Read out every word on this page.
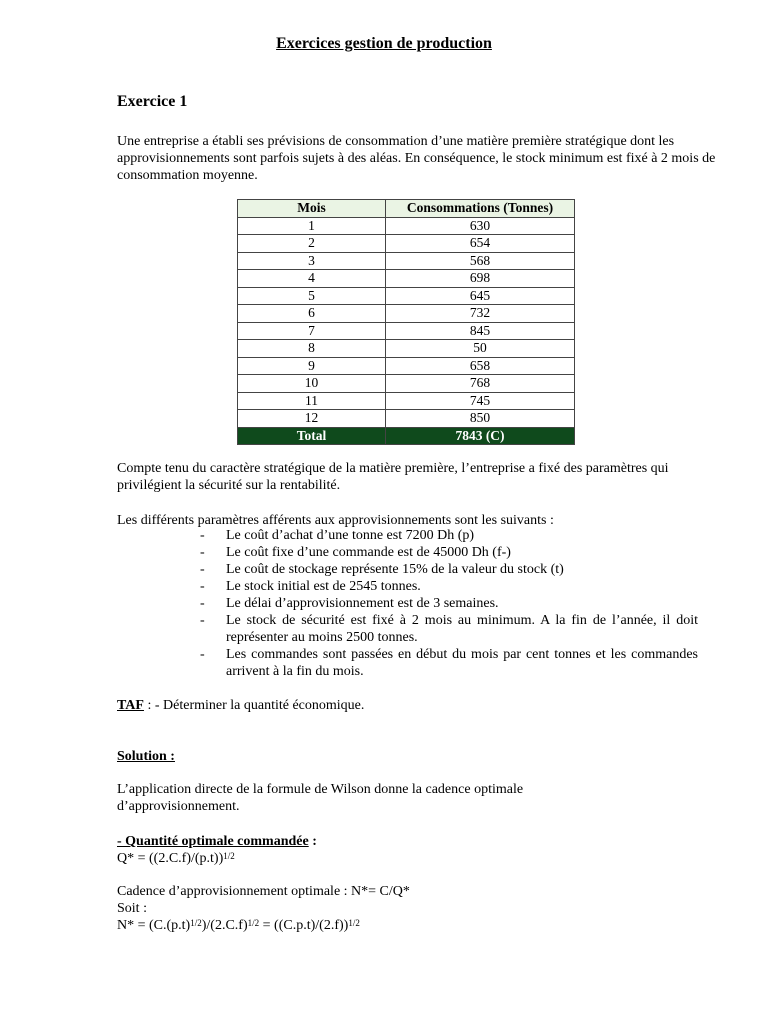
Exercices gestion de production
Exercice 1

Une entreprise a établi ses prévisions de consommation d’une matière première stratégique dont les approvisionnements sont parfois sujets à des aléas. En conséquence, le stock minimum est fixé à 2 mois de consommation moyenne.

Mois	Consommations (Tonnes)
1	630
2	654
3	568
4	698
5	645
6	732
7	845
8	50
9	658
10	768
11	745
12	850
Total	7843 (C)

Compte tenu du caractère stratégique de la matière première, l’entreprise a fixé des paramètres qui privilégient la sécurité sur la rentabilité.

Les différents paramètres afférents aux approvisionnements sont les suivants :

- Le coût d’achat d’une tonne est 7200 Dh (p)
- Le coût fixe d’une commande est de 45000 Dh (f-)
- Le coût de stockage représente 15% de la valeur du stock (t)
- Le stock initial est de 2545 tonnes.
- Le délai d’approvisionnement est de 3 semaines.
- Le stock de sécurité est fixé à 2 mois au minimum. A la fin de l’année, il doit représenter au moins 2500 tonnes.
- Les commandes sont passées en début du mois par cent tonnes et les commandes arrivent à la fin du mois.

TAF : - Déterminer la quantité économique.

Solution :

L’application directe de la formule de Wilson donne la cadence optimale d’approvisionnement.

- Quantité optimale commandée :

$Q* = ((2.C.f)/(p.t))^{1/2}$

Cadence d’approvisionnement optimale : N*= C/Q*

Soit :

$N* = (C.(p.t)^{1/2})/(2.C.f)^{1/2} = ((C.p.t)/(2.f))^{1/2}$
